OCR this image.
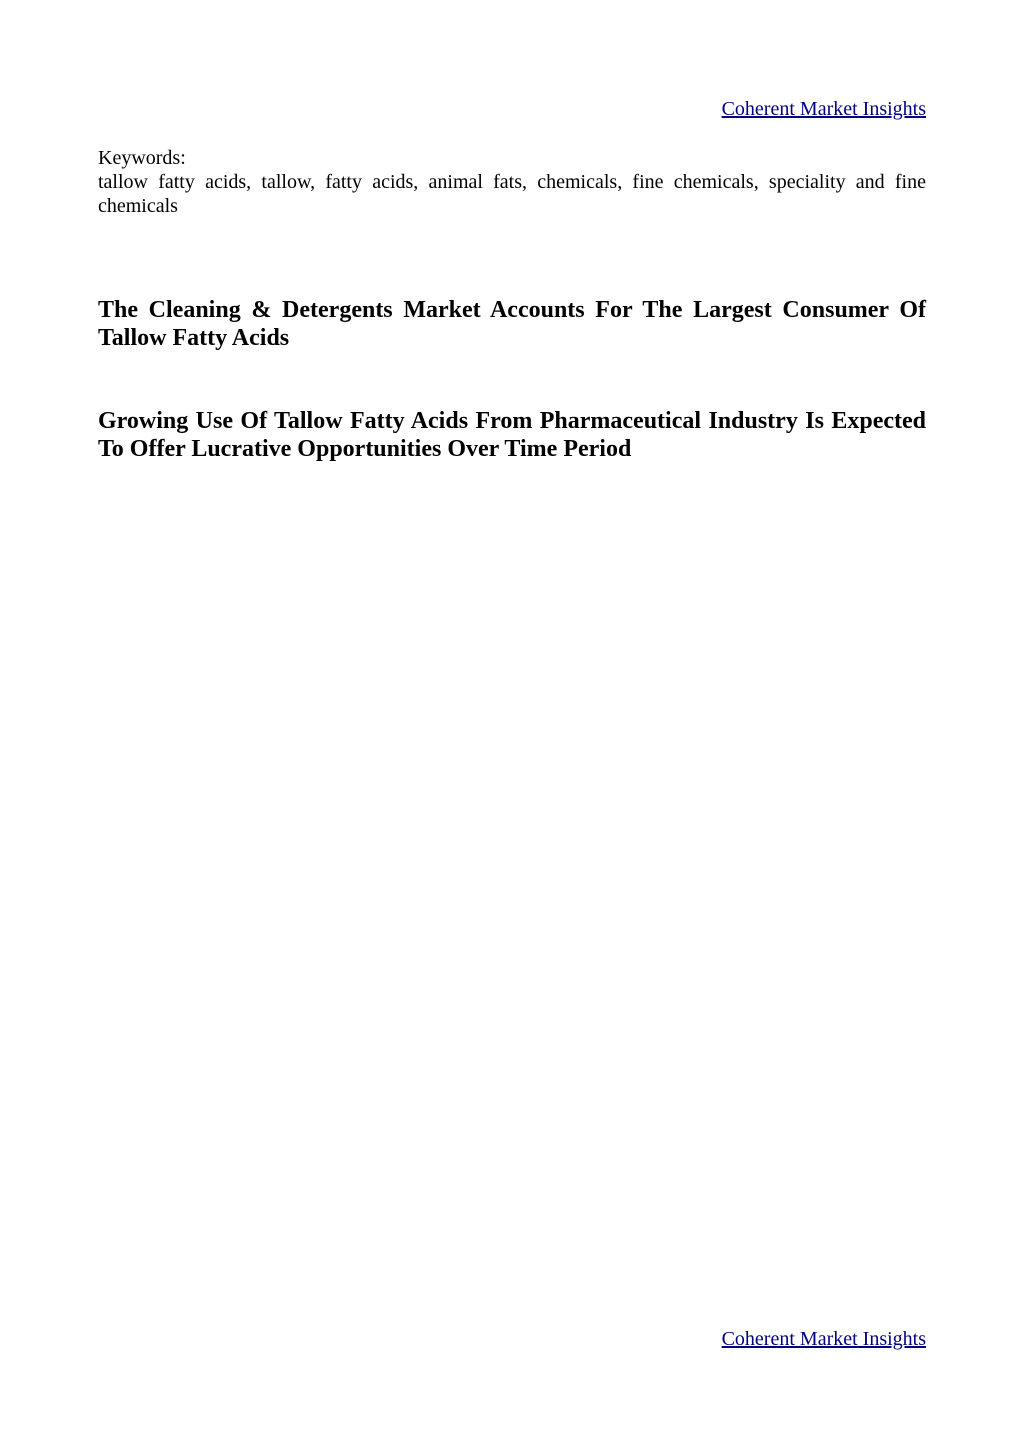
Coherent Market Insights
Keywords:
tallow fatty acids, tallow, fatty acids, animal fats, chemicals, fine chemicals, speciality and fine chemicals
The Cleaning & Detergents Market Accounts For The Largest Consumer Of Tallow Fatty Acids
Growing Use Of Tallow Fatty Acids From Pharmaceutical Industry Is Expected To Offer Lucrative Opportunities Over Time Period
Coherent Market Insights
